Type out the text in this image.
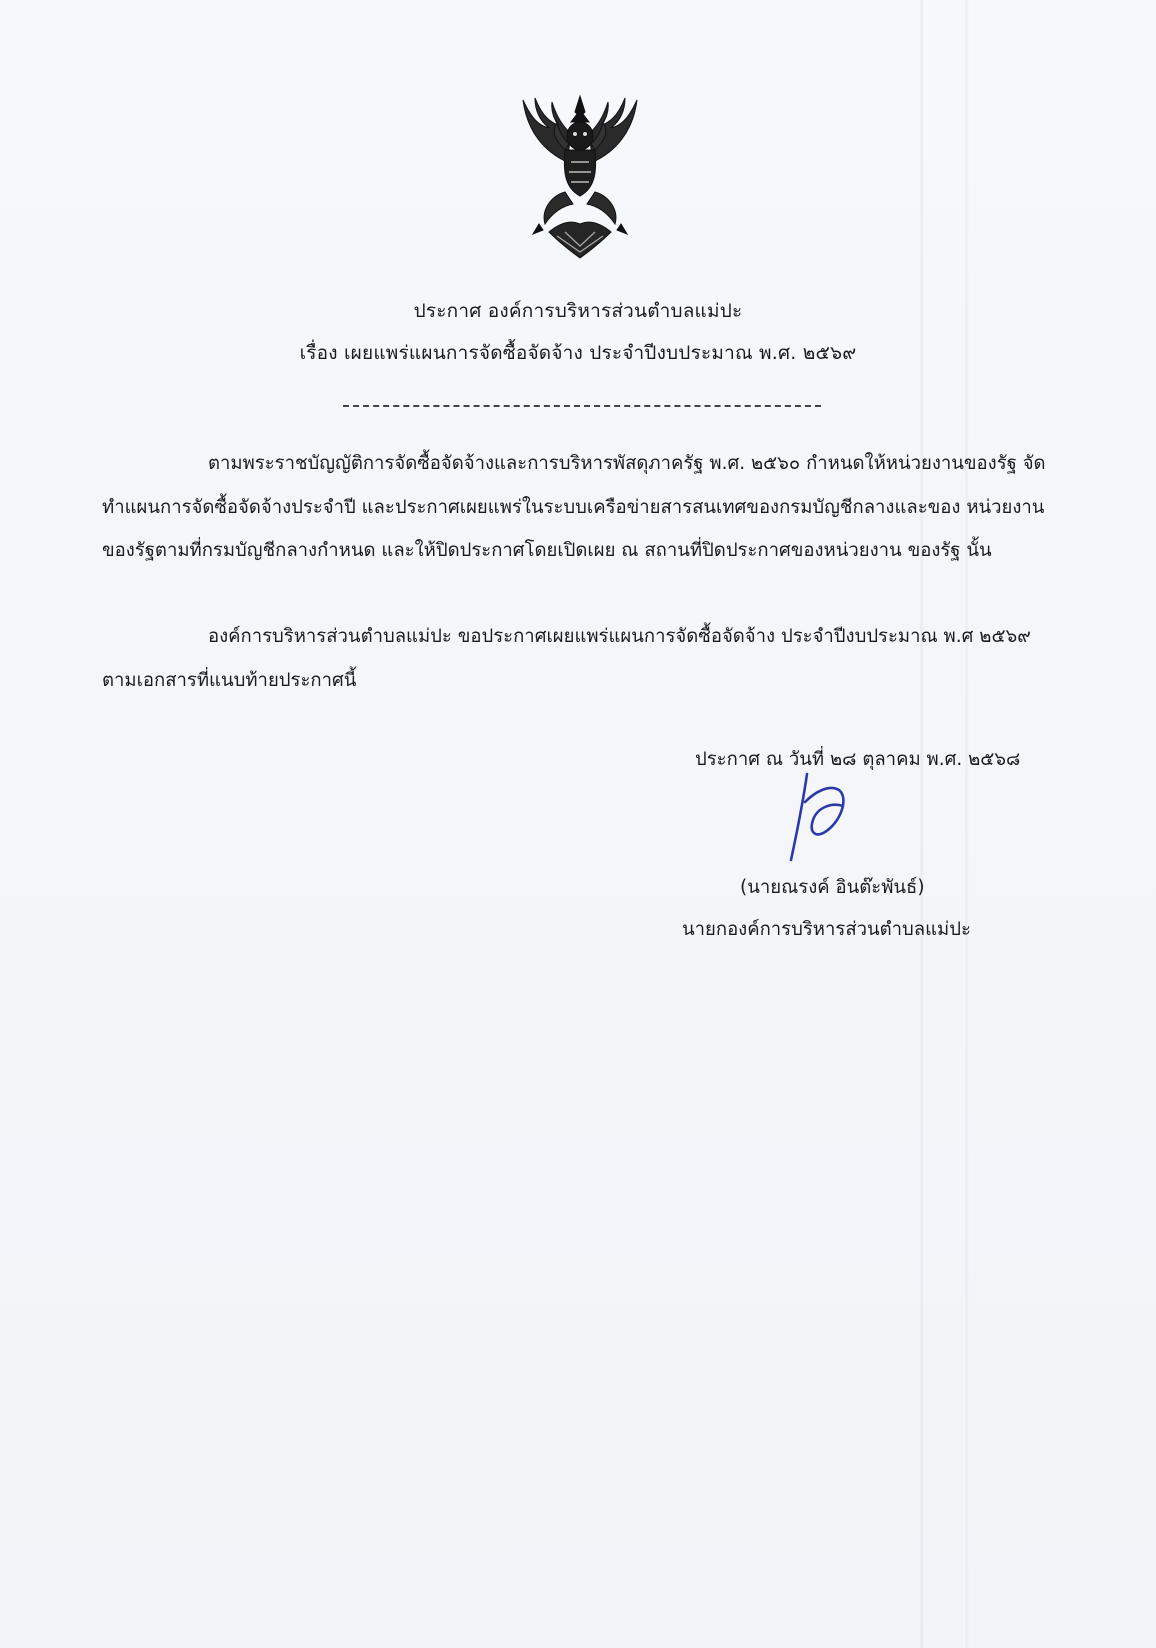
ประกาศ องค์การบริหารส่วนตำบลแม่ปะ
เรื่อง เผยแพร่แผนการจัดซื้อจัดจ้าง ประจำปีงบประมาณ พ.ศ. ๒๕๖๙
ตามพระราชบัญญัติการจัดซื้อจัดจ้างและการบริหารพัสดุภาครัฐ พ.ศ. ๒๕๖๐ กำหนดให้หน่วยงานของรัฐ จัดทำแผนการจัดซื้อจัดจ้างประจำปี และประกาศเผยแพร่ในระบบเครือข่ายสารสนเทศของกรมบัญชีกลางและของ หน่วยงานของรัฐตามที่กรมบัญชีกลางกำหนด และให้ปิดประกาศโดยเปิดเผย ณ สถานที่ปิดประกาศของหน่วยงาน ของรัฐ นั้น
องค์การบริหารส่วนตำบลแม่ปะ ขอประกาศเผยแพร่แผนการจัดซื้อจัดจ้าง ประจำปีงบประมาณ พ.ศ ๒๕๖๙ ตามเอกสารที่แนบท้ายประกาศนี้
ประกาศ ณ วันที่ ๒๘ ตุลาคม พ.ศ. ๒๕๖๘
(นายณรงค์ อินต๊ะพันธ์)
นายกองค์การบริหารส่วนตำบลแม่ปะ
